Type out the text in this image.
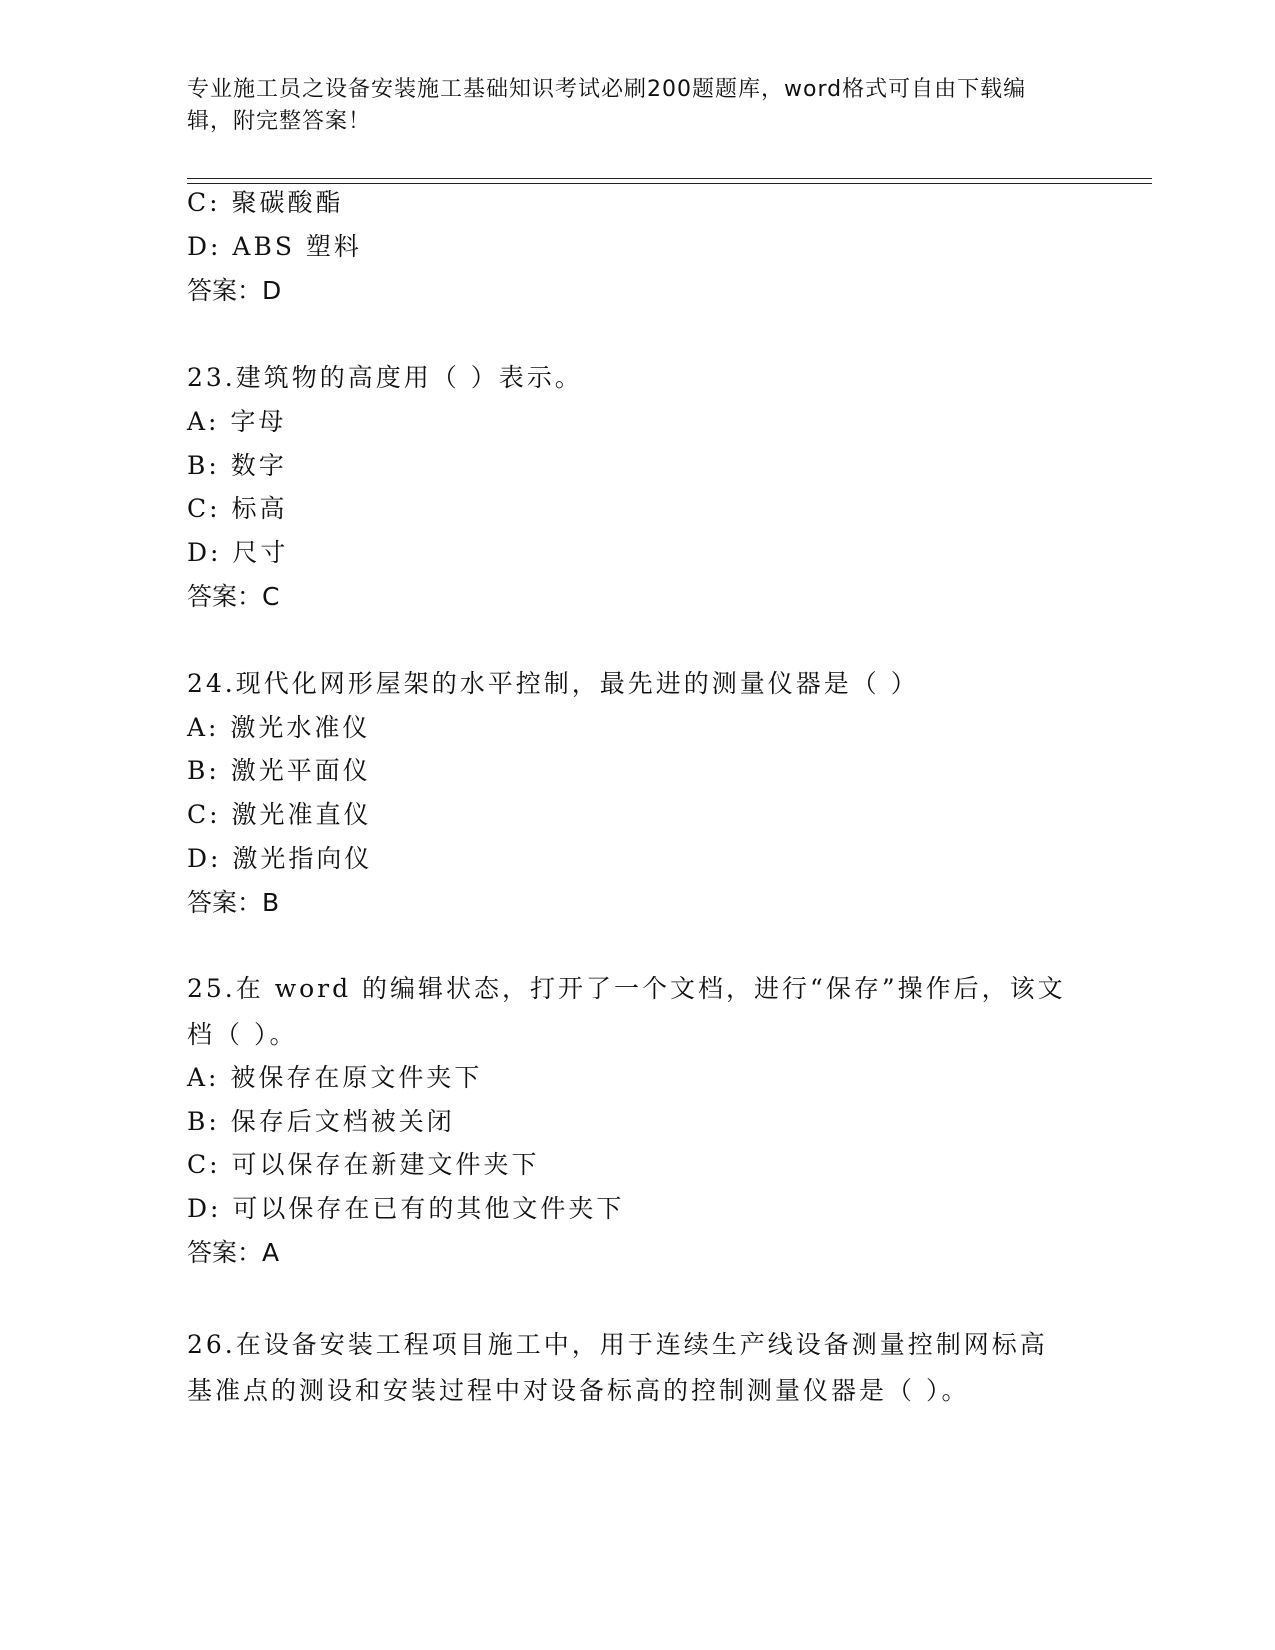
专业施工员之设备安装施工基础知识考试必刷200题题库，word格式可自由下载编辑，附完整答案！
C: 聚碳酸酯
D: ABS 塑料
答案：D
23.建筑物的高度用（ ）表示。
A: 字母
B: 数字
C: 标高
D: 尺寸
答案：C
24.现代化网形屋架的水平控制，最先进的测量仪器是（ ）
A: 激光水准仪
B: 激光平面仪
C: 激光准直仪
D: 激光指向仪
答案：B
25.在 word 的编辑状态，打开了一个文档，进行“保存”操作后，该文档（ ）。
A: 被保存在原文件夹下
B: 保存后文档被关闭
C: 可以保存在新建文件夹下
D: 可以保存在已有的其他文件夹下
答案：A
26.在设备安装工程项目施工中，用于连续生产线设备测量控制网标高基准点的测设和安装过程中对设备标高的控制测量仪器是（ ）。
